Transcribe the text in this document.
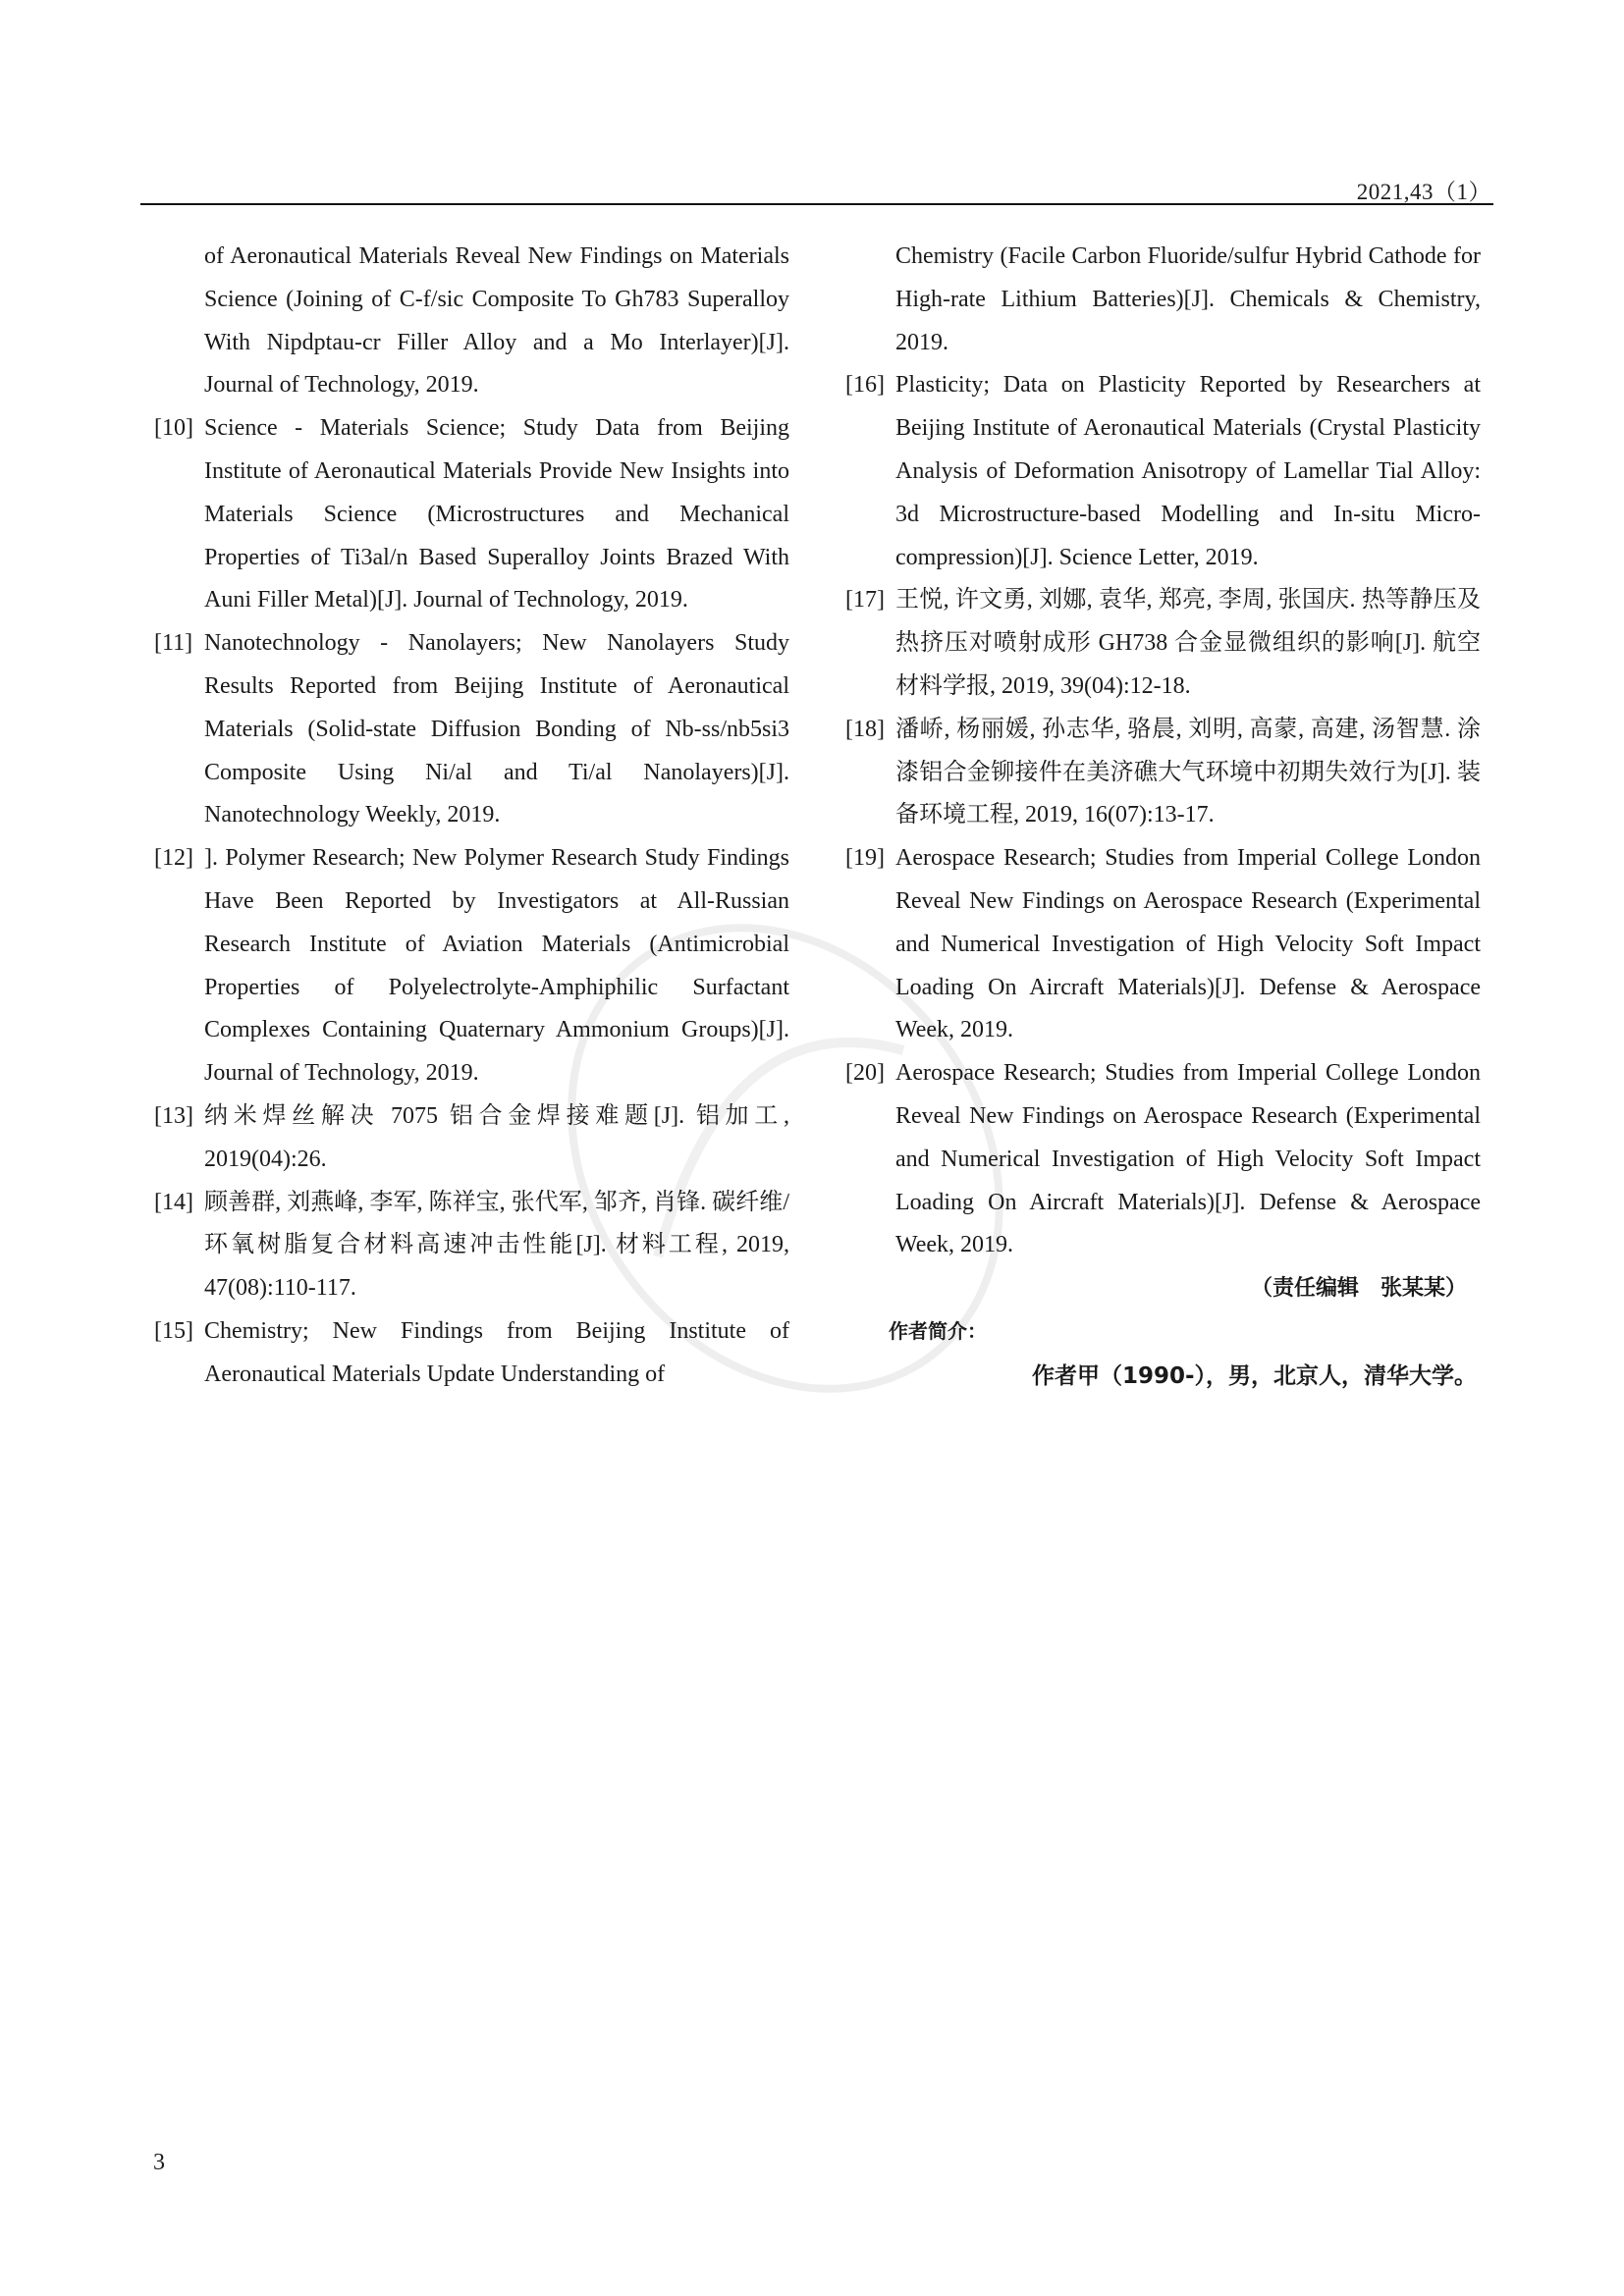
2021,43（1）
of Aeronautical Materials Reveal New Findings on Materials Science (Joining of C-f/sic Composite To Gh783 Superalloy With Nipdptau-cr Filler Alloy and a Mo Interlayer)[J]. Journal of Technology, 2019.
[10] Science - Materials Science; Study Data from Beijing Institute of Aeronautical Materials Provide New Insights into Materials Science (Microstructures and Mechanical Properties of Ti3al/n Based Superalloy Joints Brazed With Auni Filler Metal)[J]. Journal of Technology, 2019.
[11] Nanotechnology - Nanolayers; New Nanolayers Study Results Reported from Beijing Institute of Aeronautical Materials (Solid-state Diffusion Bonding of Nb-ss/nb5si3 Composite Using Ni/al and Ti/al Nanolayers)[J]. Nanotechnology Weekly, 2019.
[12] ]. Polymer Research; New Polymer Research Study Findings Have Been Reported by Investigators at All-Russian Research Institute of Aviation Materials (Antimicrobial Properties of Polyelectrolyte-Amphiphilic Surfactant Complexes Containing Quaternary Ammonium Groups)[J]. Journal of Technology, 2019.
[13] 纳米焊丝解决 7075 铝合金焊接难题[J]. 铝加工, 2019(04):26.
[14] 顾善群, 刘燕峰, 李军, 陈祥宝, 张代军, 邹齐, 肖锋. 碳纤维/环氧树脂复合材料高速冲击性能[J]. 材料工程, 2019, 47(08):110-117.
[15] Chemistry; New Findings from Beijing Institute of Aeronautical Materials Update Understanding of
Chemistry (Facile Carbon Fluoride/sulfur Hybrid Cathode for High-rate Lithium Batteries)[J]. Chemicals & Chemistry, 2019.
[16] Plasticity; Data on Plasticity Reported by Researchers at Beijing Institute of Aeronautical Materials (Crystal Plasticity Analysis of Deformation Anisotropy of Lamellar Tial Alloy: 3d Microstructure-based Modelling and In-situ Micro-compression)[J]. Science Letter, 2019.
[17] 王悦, 许文勇, 刘娜, 袁华, 郑亮, 李周, 张国庆. 热等静压及热挤压对喷射成形 GH738 合金显微组织的影响[J]. 航空材料学报, 2019, 39(04):12-18.
[18] 潘峤, 杨丽媛, 孙志华, 骆晨, 刘明, 高蒙, 高建, 汤智慧. 涂漆铝合金铆接件在美济礁大气环境中初期失效行为[J]. 装备环境工程, 2019, 16(07):13-17.
[19] Aerospace Research; Studies from Imperial College London Reveal New Findings on Aerospace Research (Experimental and Numerical Investigation of High Velocity Soft Impact Loading On Aircraft Materials)[J]. Defense & Aerospace Week, 2019.
[20] Aerospace Research; Studies from Imperial College London Reveal New Findings on Aerospace Research (Experimental and Numerical Investigation of High Velocity Soft Impact Loading On Aircraft Materials)[J]. Defense & Aerospace Week, 2019.
（责任编辑　张某某）
作者简介：
作者甲（1990-），男，北京人，清华大学。
3
